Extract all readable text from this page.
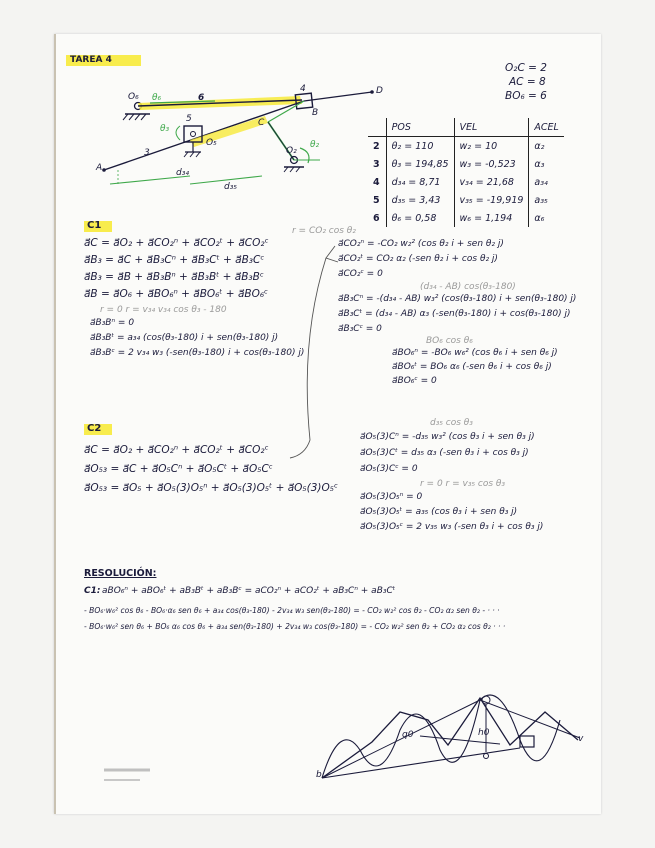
TAREA 4
O₂C = 2
AC = 8
BO₆ = 6
O₆ θ₆	6
4	D
B
θ₃
5
O₅
C
3	O₂
θ₂
A	d₃₄
d₃₅
	POS	VEL	ACEL
2	θ₂ = 110	w₂ = 10	α₂
3	θ₃ = 194,85	w₃ = -0,523	α₃
4	d₃₄ = 8,71	v₃₄ = 21,68	a₃₄
5	d₃₅ = 3,43	v₃₅ = -19,919	a₃₅
6	θ₆ = 0,58	w₆ = 1,194	α₆
C1	r = CO₂ cos θ₂
a⃗C = a⃗O₂ + a⃗CO₂ⁿ + a⃗CO₂ᵗ + a⃗CO₂ᶜ
a⃗B₃ = a⃗C + a⃗B₃Cⁿ + a⃗B₃Cᵗ + a⃗B₃Cᶜ
a⃗B₃ = a⃗B + a⃗B₃Bⁿ + a⃗B₃Bᵗ + a⃗B₃Bᶜ
a⃗B = a⃗O₆ + a⃗BO₆ⁿ + a⃗BO₆ᵗ + a⃗BO₆ᶜ
r = 0 r = v₃₄ v₃₄ cos θ₃ - 180
a⃗B₃Bⁿ = 0
a⃗B₃Bᵗ = a₃₄ (cos(θ₃-180) i + sen(θ₃-180) j)
a⃗B₃Bᶜ = 2 v₃₄ w₃ (-sen(θ₃-180) i + cos(θ₃-180) j)
a⃗CO₂ⁿ = -CO₂ w₂² (cos θ₂ i + sen θ₂ j)
a⃗CO₂ᵗ = CO₂ α₂ (-sen θ₂ i + cos θ₂ j)
a⃗CO₂ᶜ = 0
(d₃₄ - AB) cos(θ₃-180)
a⃗B₃Cⁿ = -(d₃₄ - AB) w₃² (cos(θ₃-180) i + sen(θ₃-180) j)
a⃗B₃Cᵗ = (d₃₄ - AB) α₃ (-sen(θ₃-180) i + cos(θ₃-180) j)
a⃗B₃Cᶜ = 0
BO₆ cos θ₆
a⃗BO₆ⁿ = -BO₆ w₆² (cos θ₆ i + sen θ₆ j)
a⃗BO₆ᵗ = BO₆ α₆ (-sen θ₆ i + cos θ₆ j)
a⃗BO₆ᶜ = 0
C2
a⃗C = a⃗O₂ + a⃗CO₂ⁿ + a⃗CO₂ᵗ + a⃗CO₂ᶜ
a⃗O₅₃ = a⃗C + a⃗O₅Cⁿ + a⃗O₅Cᵗ + a⃗O₅Cᶜ
a⃗O₅₃ = a⃗O₅ + a⃗O₅(3)O₅ⁿ + a⃗O₅(3)O₅ᵗ + a⃗O₅(3)O₅ᶜ
d₃₅ cos θ₃
a⃗O₅(3)Cⁿ = -d₃₅ w₃² (cos θ₃ i + sen θ₃ j)
a⃗O₅(3)Cᵗ = d₃₅ α₃ (-sen θ₃ i + cos θ₃ j)
a⃗O₅(3)Cᶜ = 0
r = 0 r = v₃₅ cos θ₃
a⃗O₅(3)O₅ⁿ = 0
a⃗O₅(3)O₅ᵗ = a₃₅ (cos θ₃ i + sen θ₃ j)
a⃗O₅(3)O₅ᶜ = 2 v₃₅ w₃ (-sen θ₃ i + cos θ₃ j)
RESOLUCIÓN:
C1: aBO₆ⁿ + aBO₆ᵗ + aB₃Bᵗ + aB₃Bᶜ = aCO₂ⁿ + aCO₂ᵗ + aB₃Cⁿ + aB₃Cᵗ
- BO₆·w₆² cos θ₆ - BO₆·α₆ sen θ₆ + a₃₄ cos(θ₃-180) - 2v₃₄ w₃ sen(θ₃-180) = - CO₂ w₂² cos θ₂ - CO₂ α₂ sen θ₂ - · · ·
- BO₆·w₆² sen θ₆ + BO₆ α₆ cos θ₆ + a₃₄ sen(θ₃-180) + 2v₃₄ w₃ cos(θ₃-180) = - CO₂ w₂² sen θ₂ + CO₂ α₂ cos θ₂ · · ·
q0	h0
v
b
